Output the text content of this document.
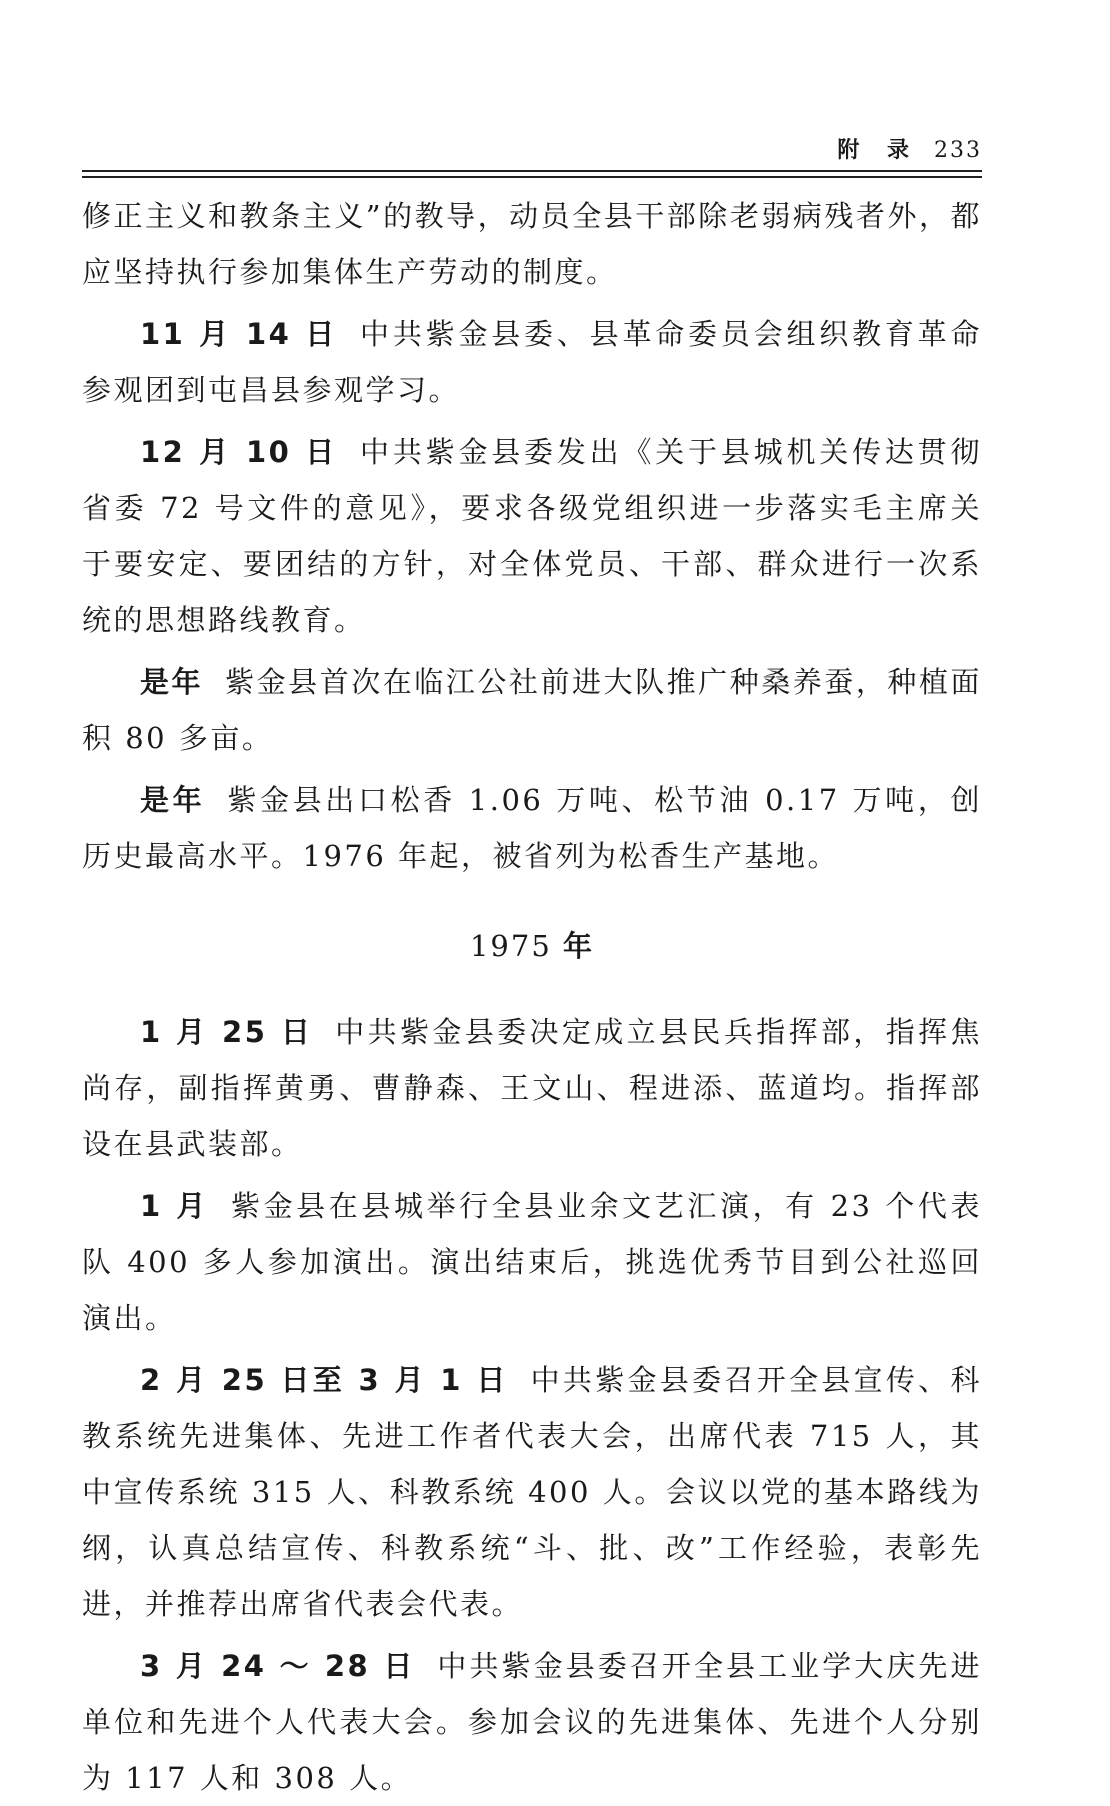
附 录 233

修正主义和教条主义”的教导，动员全县干部除老弱病残者外，都应坚持执行参加集体生产劳动的制度。

11 月 14 日 中共紫金县委、县革命委员会组织教育革命参观团到屯昌县参观学习。

12 月 10 日 中共紫金县委发出《关于县城机关传达贯彻省委 72 号文件的意见》，要求各级党组织进一步落实毛主席关于要安定、要团结的方针，对全体党员、干部、群众进行一次系统的思想路线教育。

是年 紫金县首次在临江公社前进大队推广种桑养蚕，种植面积 80 多亩。

是年 紫金县出口松香 1.06 万吨、松节油 0.17 万吨，创历史最高水平。1976 年起，被省列为松香生产基地。

1975 年

1 月 25 日 中共紫金县委决定成立县民兵指挥部，指挥焦尚存，副指挥黄勇、曹静森、王文山、程进添、蓝道均。指挥部设在县武装部。

1 月 紫金县在县城举行全县业余文艺汇演，有 23 个代表队 400 多人参加演出。演出结束后，挑选优秀节目到公社巡回演出。

2 月 25 日至 3 月 1 日 中共紫金县委召开全县宣传、科教系统先进集体、先进工作者代表大会，出席代表 715 人，其中宣传系统 315 人、科教系统 400 人。会议以党的基本路线为纲，认真总结宣传、科教系统“斗、批、改”工作经验，表彰先进，并推荐出席省代表会代表。

3 月 24 ～ 28 日 中共紫金县委召开全县工业学大庆先进单位和先进个人代表大会。参加会议的先进集体、先进个人分别为 117 人和 308 人。
